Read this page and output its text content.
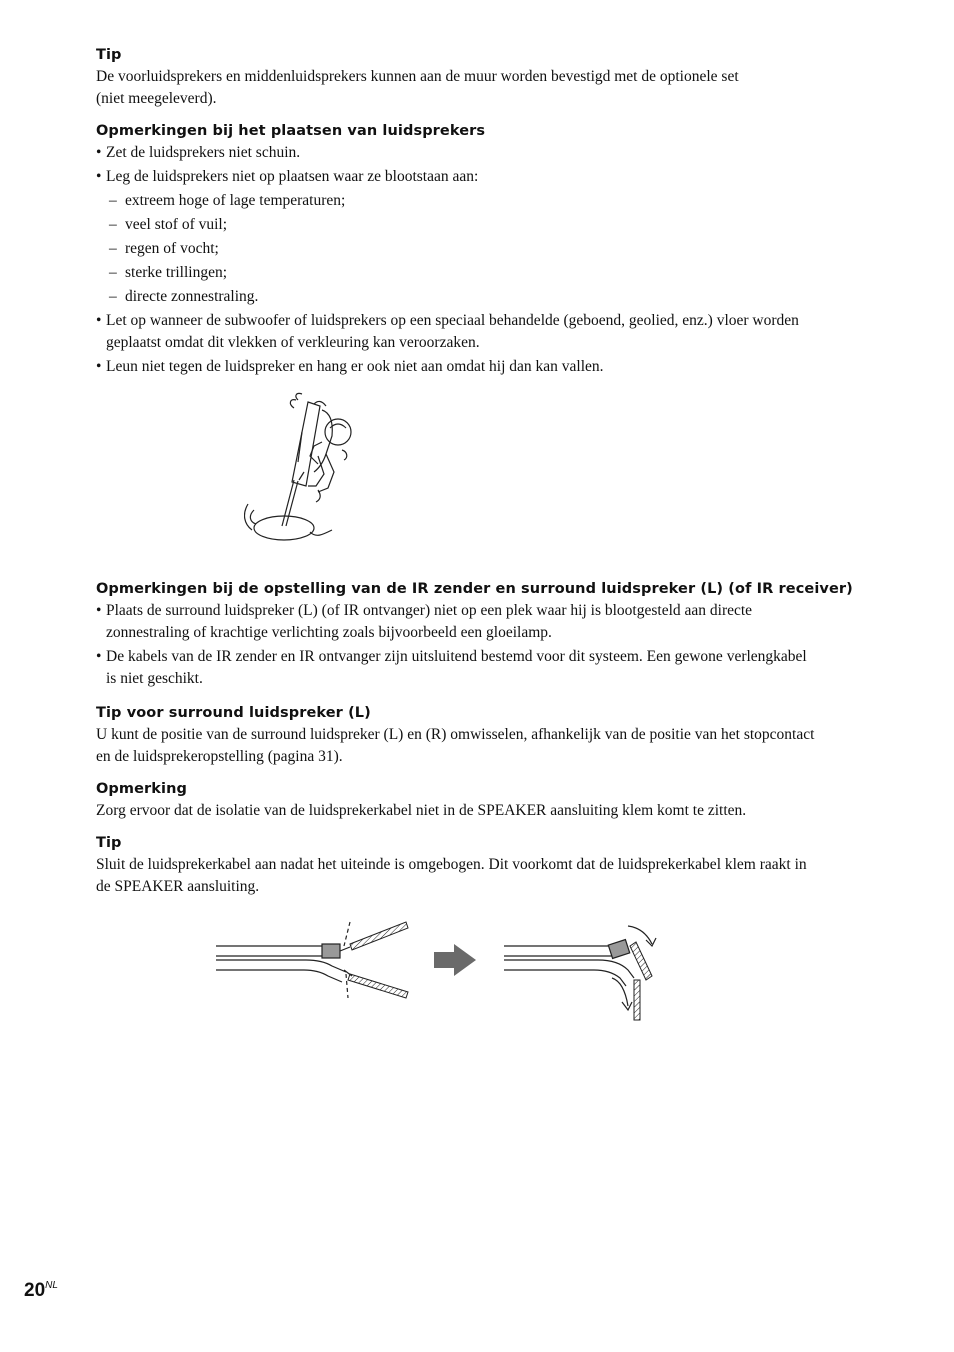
Tip

De voorluidsprekers en middenluidsprekers kunnen aan de muur worden bevestigd met de optionele set

(niet meegeleverd).

Opmerkingen bij het plaatsen van luidsprekers

• Zet de luidsprekers niet schuin.
• Leg de luidsprekers niet op plaatsen waar ze blootstaan aan:
– extreem hoge of lage temperaturen;
– veel stof of vuil;
– regen of vocht;
– sterke trillingen;
– directe zonnestraling.
• Let op wanneer de subwoofer of luidsprekers op een speciaal behandelde (geboend, geolied, enz.) vloer worden
geplaatst omdat dit vlekken of verkleuring kan veroorzaken.
• Leun niet tegen de luidspreker en hang er ook niet aan omdat hij dan kan vallen.

Opmerkingen bij de opstelling van de IR zender en surround luidspreker (L) (of IR receiver)

• Plaats de surround luidspreker (L) (of IR ontvanger) niet op een plek waar hij is blootgesteld aan directe
zonnestraling of krachtige verlichting zoals bijvoorbeeld een gloeilamp.
• De kabels van de IR zender en IR ontvanger zijn uitsluitend bestemd voor dit systeem. Een gewone verlengkabel
is niet geschikt.

Tip voor surround luidspreker (L)

U kunt de positie van de surround luidspreker (L) en (R) omwisselen, afhankelijk van de positie van het stopcontact

en de luidsprekeropstelling (pagina 31).

Opmerking

Zorg ervoor dat de isolatie van de luidsprekerkabel niet in de SPEAKER aansluiting klem komt te zitten.

Tip

Sluit de luidsprekerkabel aan nadat het uiteinde is omgebogen. Dit voorkomt dat de luidsprekerkabel klem raakt in

de SPEAKER aansluiting.

$20^{NL}$
